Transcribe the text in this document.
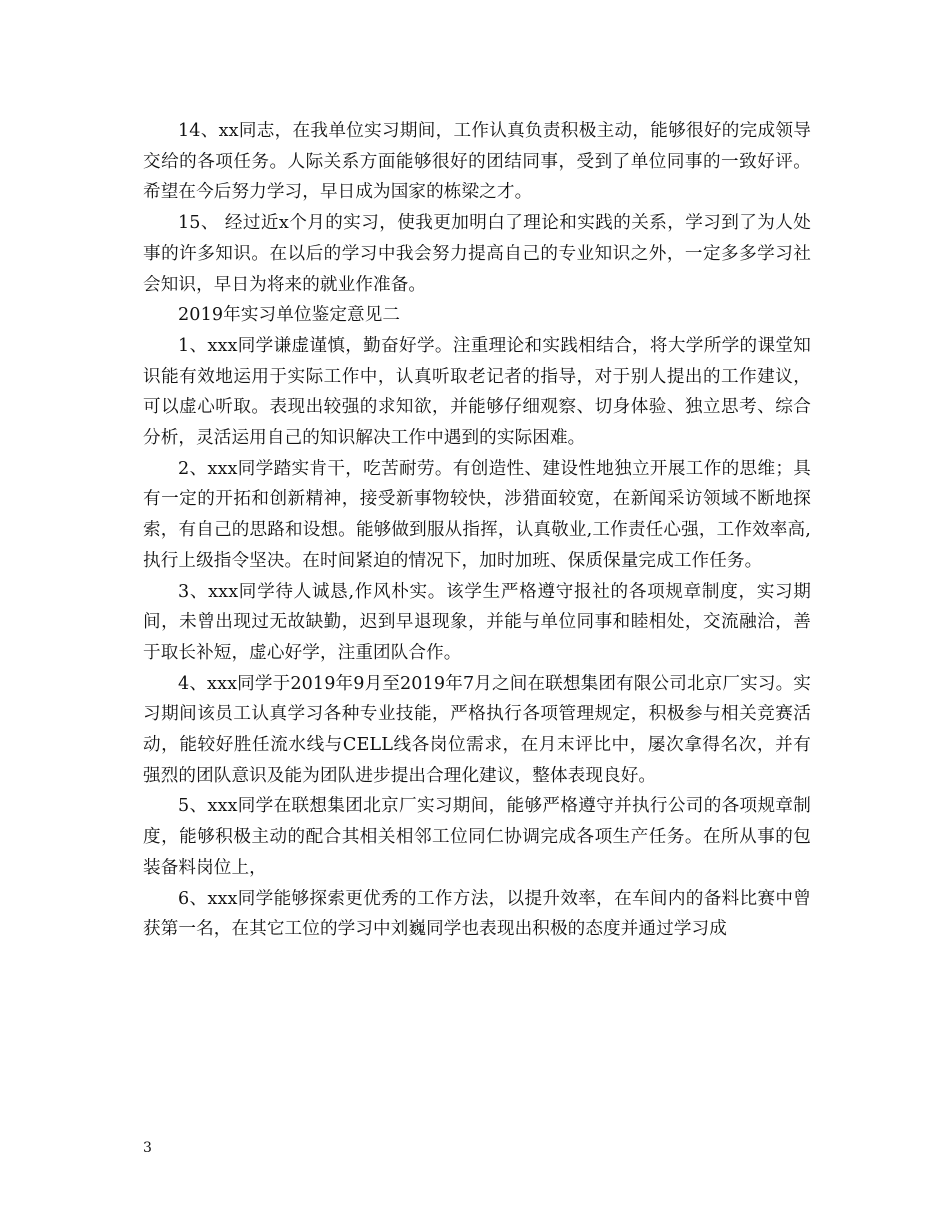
14、xx同志，在我单位实习期间，工作认真负责积极主动，能够很好的完成领导交给的各项任务。人际关系方面能够很好的团结同事，受到了单位同事的一致好评。希望在今后努力学习，早日成为国家的栋梁之才。

15、 经过近x个月的实习，使我更加明白了理论和实践的关系，学习到了为人处事的许多知识。在以后的学习中我会努力提高自己的专业知识之外，一定多多学习社会知识，早日为将来的就业作准备。

2019年实习单位鉴定意见二

1、xxx同学谦虚谨慎，勤奋好学。注重理论和实践相结合，将大学所学的课堂知识能有效地运用于实际工作中，认真听取老记者的指导，对于别人提出的工作建议，可以虚心听取。表现出较强的求知欲，并能够仔细观察、切身体验、独立思考、综合分析，灵活运用自己的知识解决工作中遇到的实际困难。

2、xxx同学踏实肯干，吃苦耐劳。有创造性、建设性地独立开展工作的思维；具有一定的开拓和创新精神，接受新事物较快，涉猎面较宽，在新闻采访领域不断地探索，有自己的思路和设想。能够做到服从指挥，认真敬业,工作责任心强，工作效率高,执行上级指令坚决。在时间紧迫的情况下，加时加班、保质保量完成工作任务。

3、xxx同学待人诚恳,作风朴实。该学生严格遵守报社的各项规章制度，实习期间，未曾出现过无故缺勤，迟到早退现象，并能与单位同事和睦相处，交流融洽，善于取长补短，虚心好学，注重团队合作。

4、xxx同学于2019年9月至2019年7月之间在联想集团有限公司北京厂实习。实习期间该员工认真学习各种专业技能，严格执行各项管理规定，积极参与相关竞赛活动，能较好胜任流水线与CELL线各岗位需求，在月末评比中，屡次拿得名次，并有强烈的团队意识及能为团队进步提出合理化建议，整体表现良好。

5、xxx同学在联想集团北京厂实习期间，能够严格遵守并执行公司的各项规章制度，能够积极主动的配合其相关相邻工位同仁协调完成各项生产任务。在所从事的包装备料岗位上，

6、xxx同学能够探索更优秀的工作方法，以提升效率，在车间内的备料比赛中曾获第一名，在其它工位的学习中刘巍同学也表现出积极的态度并通过学习成

3
